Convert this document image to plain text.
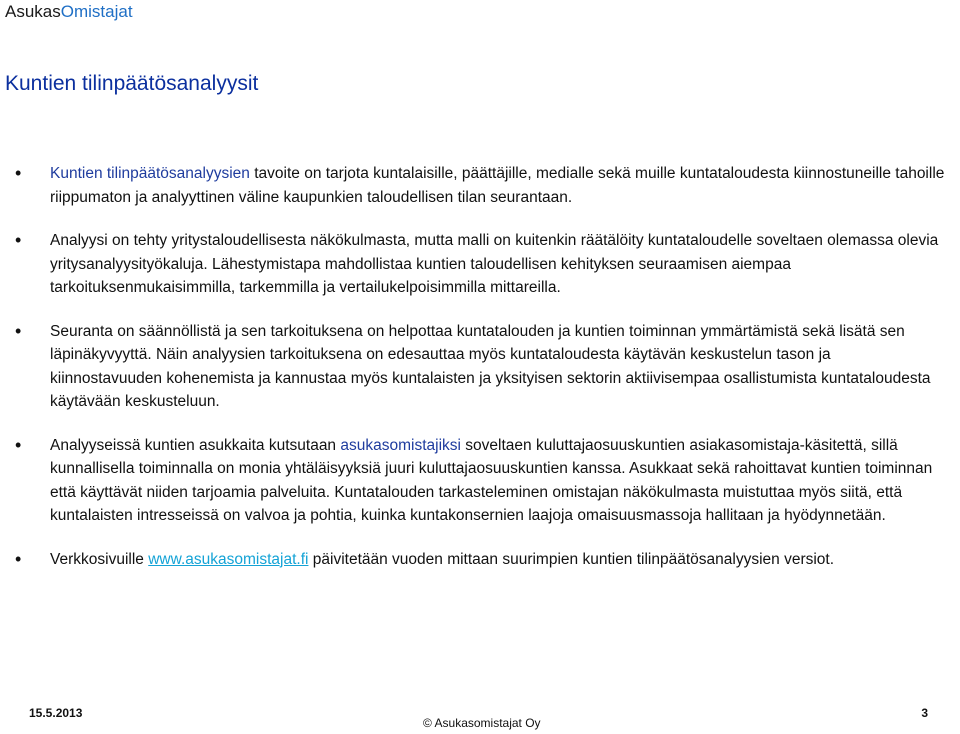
AsukasOmistajat
Kuntien tilinpäätösanalyysit
• Kuntien tilinpäätösanalyysien tavoite on tarjota kuntalaisille, päättäjille, medialle sekä muille kuntataloudesta kiinnostuneille tahoille riippumaton ja analyyttinen väline kaupunkien taloudellisen tilan seurantaan.
• Analyysi on tehty yritystaloudellisesta näkökulmasta, mutta malli on kuitenkin räätälöity kuntataloudelle soveltaen olemassa olevia yritysanalyysityökaluja. Lähestymistapa mahdollistaa kuntien taloudellisen kehityksen seuraamisen aiempaa tarkoituksenmukaisimmilla, tarkemmilla ja vertailukelpoisimmilla mittareilla.
• Seuranta on säännöllistä ja sen tarkoituksena on helpottaa kuntatalouden ja kuntien toiminnan ymmärtämistä sekä lisätä sen läpinäkyvyyttä. Näin analyysien tarkoituksena on edesauttaa myös kuntataloudesta käytävän keskustelun tason ja kiinnostavuuden kohenemista ja kannustaa myös kuntalaisten ja yksityisen sektorin aktiivisempaa osallistumista kuntataloudesta käytävään keskusteluun.
• Analyyseissä kuntien asukkaita kutsutaan asukasomistajiksi soveltaen kuluttajaosuuskuntien asiakasomistaja-käsitettä, sillä kunnallisella toiminnalla on monia yhtäläisyyksiä juuri kuluttajaosuuskuntien kanssa. Asukkaat sekä rahoittavat kuntien toiminnan että käyttävät niiden tarjoamia palveluita. Kuntatalouden tarkasteleminen omistajan näkökulmasta muistuttaa myös siitä, että kuntalaisten intresseissä on valvoa ja pohtia, kuinka kuntakonsernien laajoja omaisuusmassoja hallitaan ja hyödynnetään.
• Verkkosivuille www.asukasomistajat.fi päivitetään vuoden mittaan suurimpien kuntien tilinpäätösanalyysien versiot.
15.5.2013
© Asukasomistajat Oy
3
